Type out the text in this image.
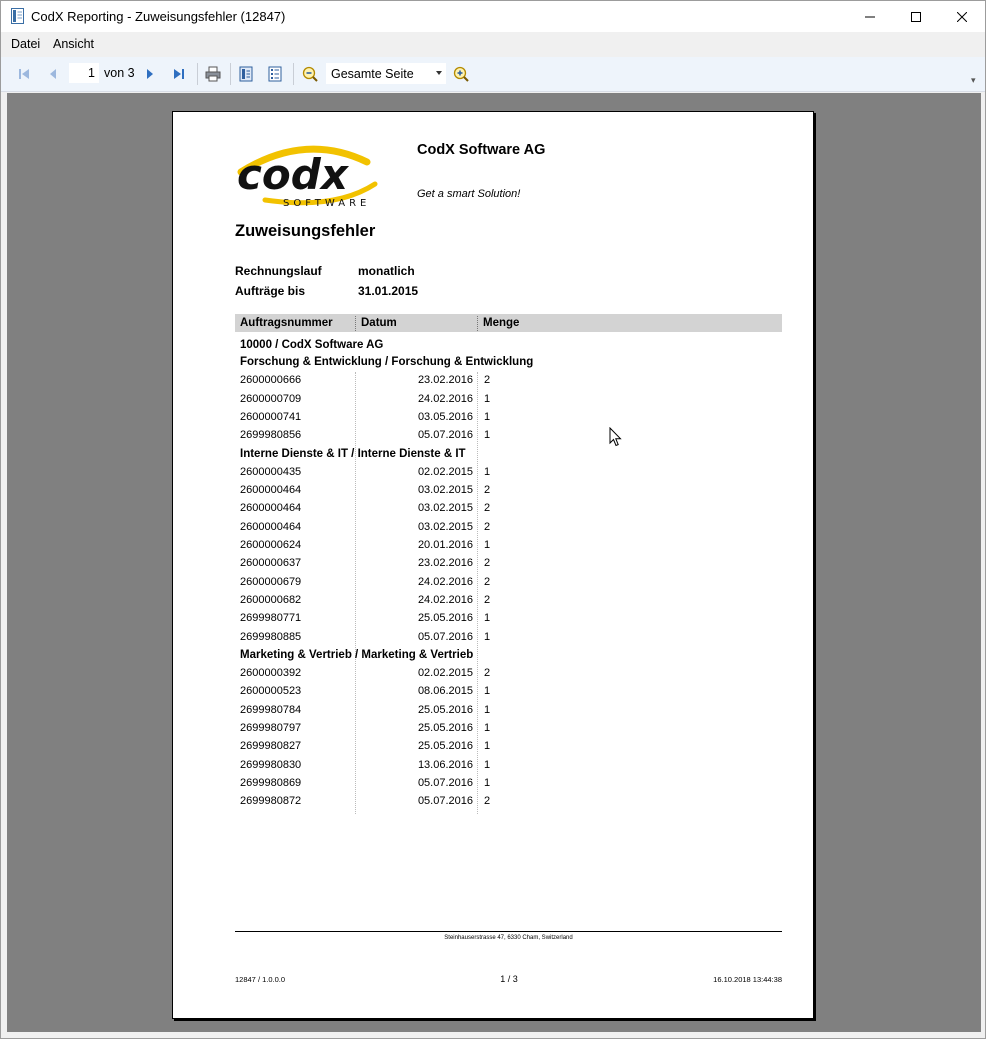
CodX Reporting - Zuweisungsfehler (12847)
Datei Ansicht
1 von 3	Gesamte Seite	▾
codx
SOFTWARE
CodX Software AG
Get a smart Solution!
Zuweisungsfehler
Rechnungslauf	monatlich
Aufträge bis	31.01.2015
Auftragsnummer Datum	Menge
10000 / CodX Software AG
Forschung & Entwicklung / Forschung & Entwicklung
2600000666	23.02.2016 2
2600000709	24.02.2016 1
2600000741	03.05.2016 1
2699980856	05.07.2016 1
Interne Dienste & IT / Interne Dienste & IT
2600000435	02.02.2015 1
2600000464	03.02.2015 2
2600000464	03.02.2015 2
2600000464	03.02.2015 2
2600000624	20.01.2016 1
2600000637	23.02.2016 2
2600000679	24.02.2016 2
2600000682	24.02.2016 2
2699980771	25.05.2016 1
2699980885	05.07.2016 1
Marketing & Vertrieb / Marketing & Vertrieb
2600000392	02.02.2015 2
2600000523	08.06.2015 1
2699980784	25.05.2016 1
2699980797	25.05.2016 1
2699980827	25.05.2016 1
2699980830	13.06.2016 1
2699980869	05.07.2016 1
2699980872	05.07.2016 2
Steinhauserstrasse 47, 6330 Cham, Switzerland
12847 / 1.0.0.0	1 / 3	16.10.2018 13:44:38
